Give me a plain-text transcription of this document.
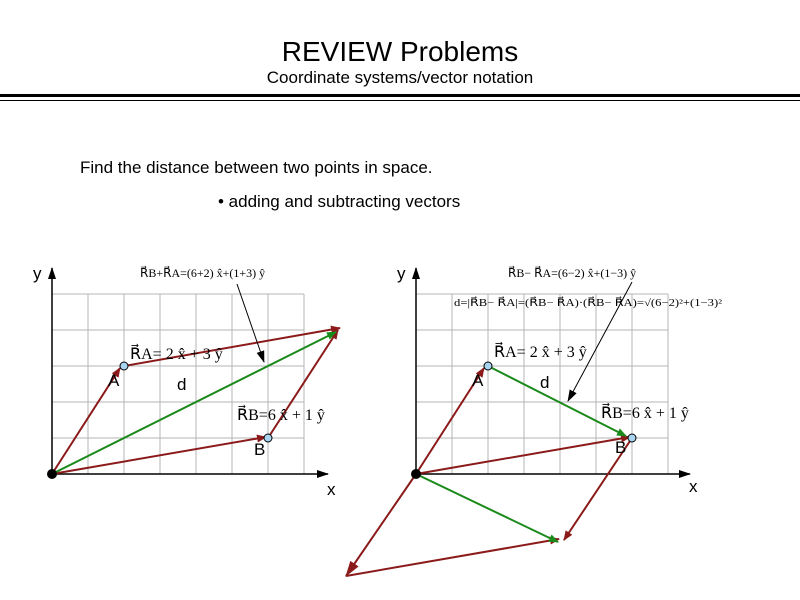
REVIEW Problems
Coordinate systems/vector notation
Find the distance between two points in space.
• adding and subtracting vectors
y
x
A
B
d
R⃗B+R⃗A=(6+2) x̂+(1+3) ŷ
R⃗A= 2 x̂ + 3 ŷ
R⃗B=6 x̂ + 1 ŷ
y
x
A
B
d
R⃗B− R⃗A=(6−2) x̂+(1−3) ŷ
d=|R⃗B− R⃗A|=(R⃗B− R⃗A)·(R⃗B− R⃗A)=√(6−2)²+(1−3)²
R⃗A= 2 x̂ + 3 ŷ
R⃗B=6 x̂ + 1 ŷ
